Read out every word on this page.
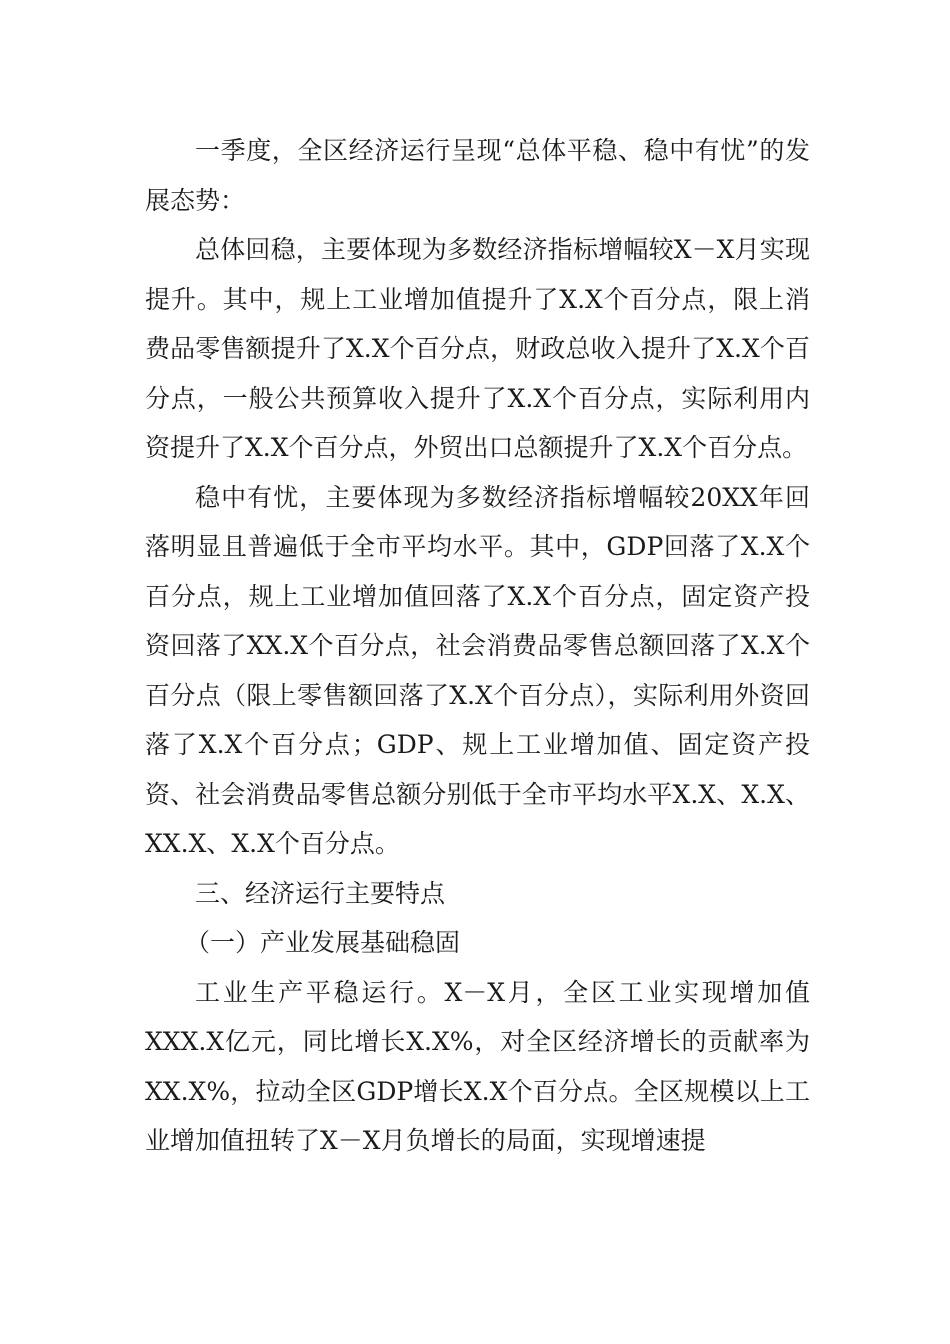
一季度，全区经济运行呈现“总体平稳、稳中有忧”的发展态势：

总体回稳，主要体现为多数经济指标增幅较X－X月实现提升。其中，规上工业增加值提升了X.X个百分点，限上消费品零售额提升了X.X个百分点，财政总收入提升了X.X个百分点，一般公共预算收入提升了X.X个百分点，实际利用内资提升了X.X个百分点，外贸出口总额提升了X.X个百分点。

稳中有忧，主要体现为多数经济指标增幅较20XX年回落明显且普遍低于全市平均水平。其中，GDP回落了X.X个百分点，规上工业增加值回落了X.X个百分点，固定资产投资回落了XX.X个百分点，社会消费品零售总额回落了X.X个百分点（限上零售额回落了X.X个百分点），实际利用外资回落了X.X个百分点；GDP、规上工业增加值、固定资产投资、社会消费品零售总额分别低于全市平均水平X.X、X.X、XX.X、X.X个百分点。

三、经济运行主要特点

（一）产业发展基础稳固

工业生产平稳运行。X－X月，全区工业实现增加值XXX.X亿元，同比增长X.X%，对全区经济增长的贡献率为XX.X%，拉动全区GDP增长X.X个百分点。全区规模以上工业增加值扭转了X－X月负增长的局面，实现增速提
